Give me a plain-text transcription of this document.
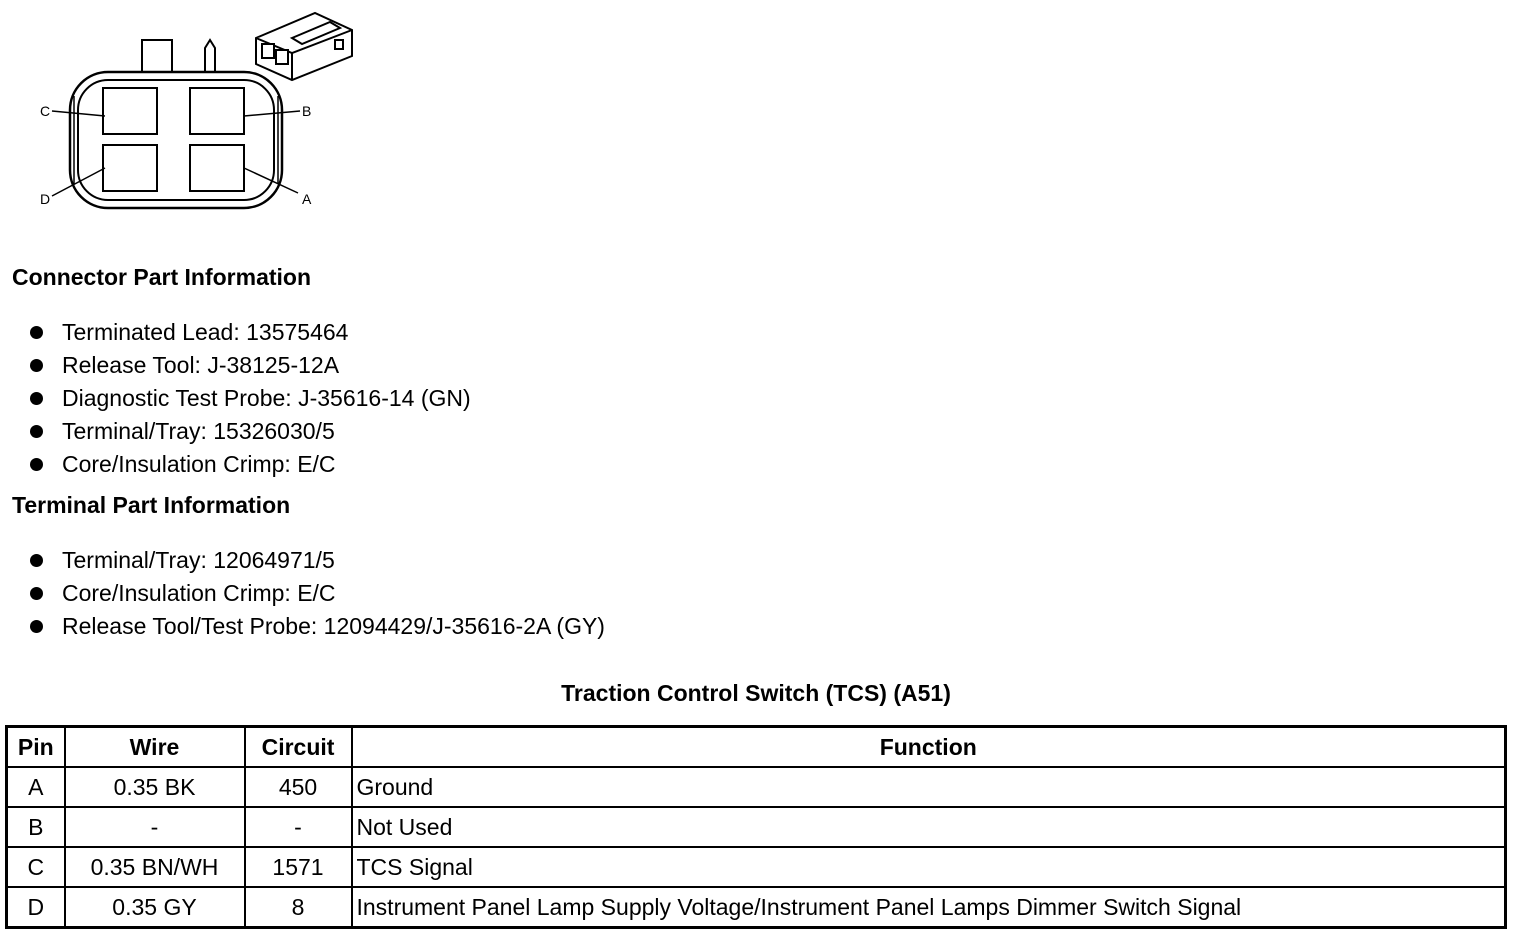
C	B
D	A
Connector Part Information
Terminated Lead: 13575464
Release Tool: J-38125-12A
Diagnostic Test Probe: J-35616-14 (GN)
Terminal/Tray: 15326030/5
Core/Insulation Crimp: E/C
Terminal Part Information
Terminal/Tray: 12064971/5
Core/Insulation Crimp: E/C
Release Tool/Test Probe: 12094429/J-35616-2A (GY)
Traction Control Switch (TCS) (A51)
Pin	Wire	Circuit	Function
A	0.35 BK	450	Ground
B	-	-	Not Used
C	0.35 BN/WH	1571	TCS Signal
D	0.35 GY	8	Instrument Panel Lamp Supply Voltage/Instrument Panel Lamps Dimmer Switch Signal
